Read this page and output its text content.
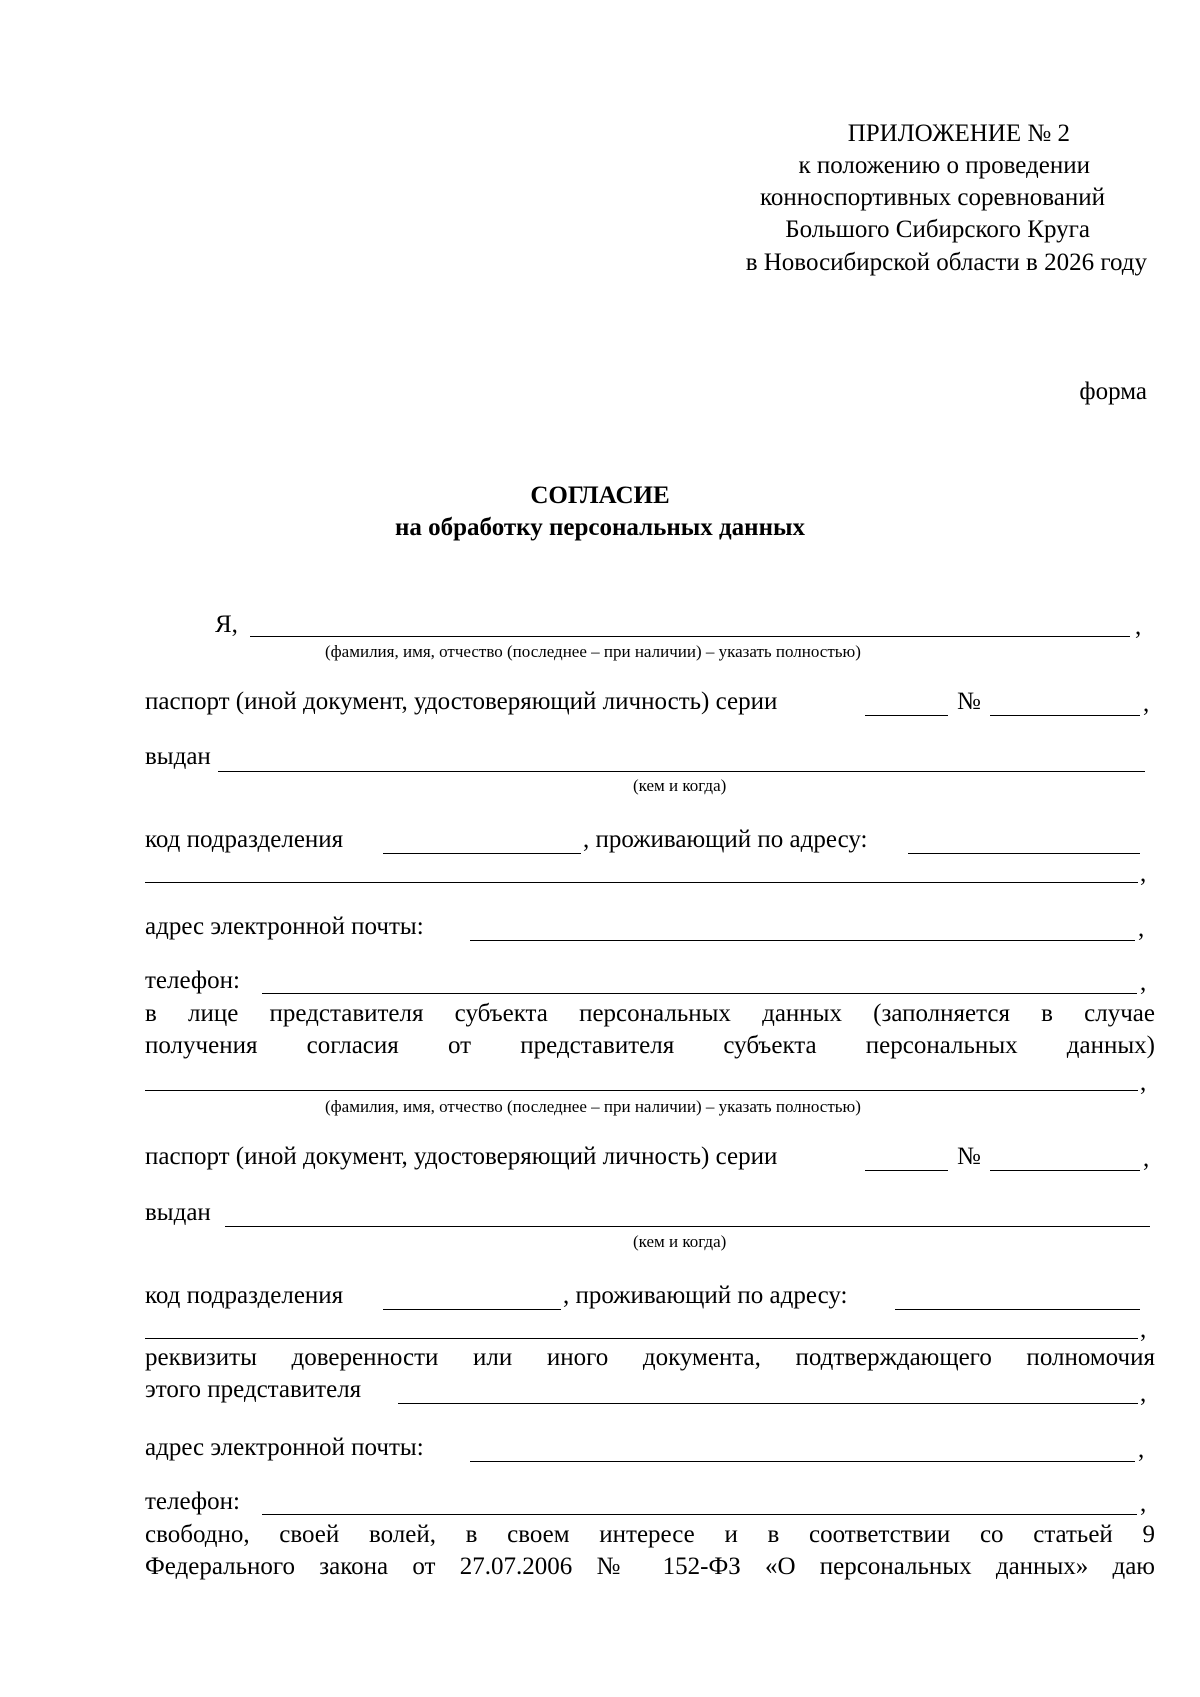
ПРИЛОЖЕНИЕ № 2
к положению о проведении
конноспортивных соревнований
Большого Сибирского Круга
в Новосибирской области в 2026 году
форма
СОГЛАСИЕ
на обработку персональных данных
Я,	,
(фамилия, имя, отчество (последнее – при наличии) – указать полностью)
паспорт (иной документ, удостоверяющий личность) серии	№	,
выдан
(кем и когда)
код подразделения	, проживающий по адресу:
,
адрес электронной почты:	,
телефон:	,
в лице представителя субъекта персональных данных (заполняется в случае
получения согласия от представителя субъекта персональных данных)
,
(фамилия, имя, отчество (последнее – при наличии) – указать полностью)
паспорт (иной документ, удостоверяющий личность) серии	№	,
выдан
(кем и когда)
код подразделения	, проживающий по адресу:
,
реквизиты доверенности или иного документа, подтверждающего полномочия
этого представителя	,
адрес электронной почты:	,
телефон:	,
свободно, своей волей, в своем интересе и в соответствии со статьей 9
Федерального закона от 27.07.2006 № 152-ФЗ «О персональных данных» даю
